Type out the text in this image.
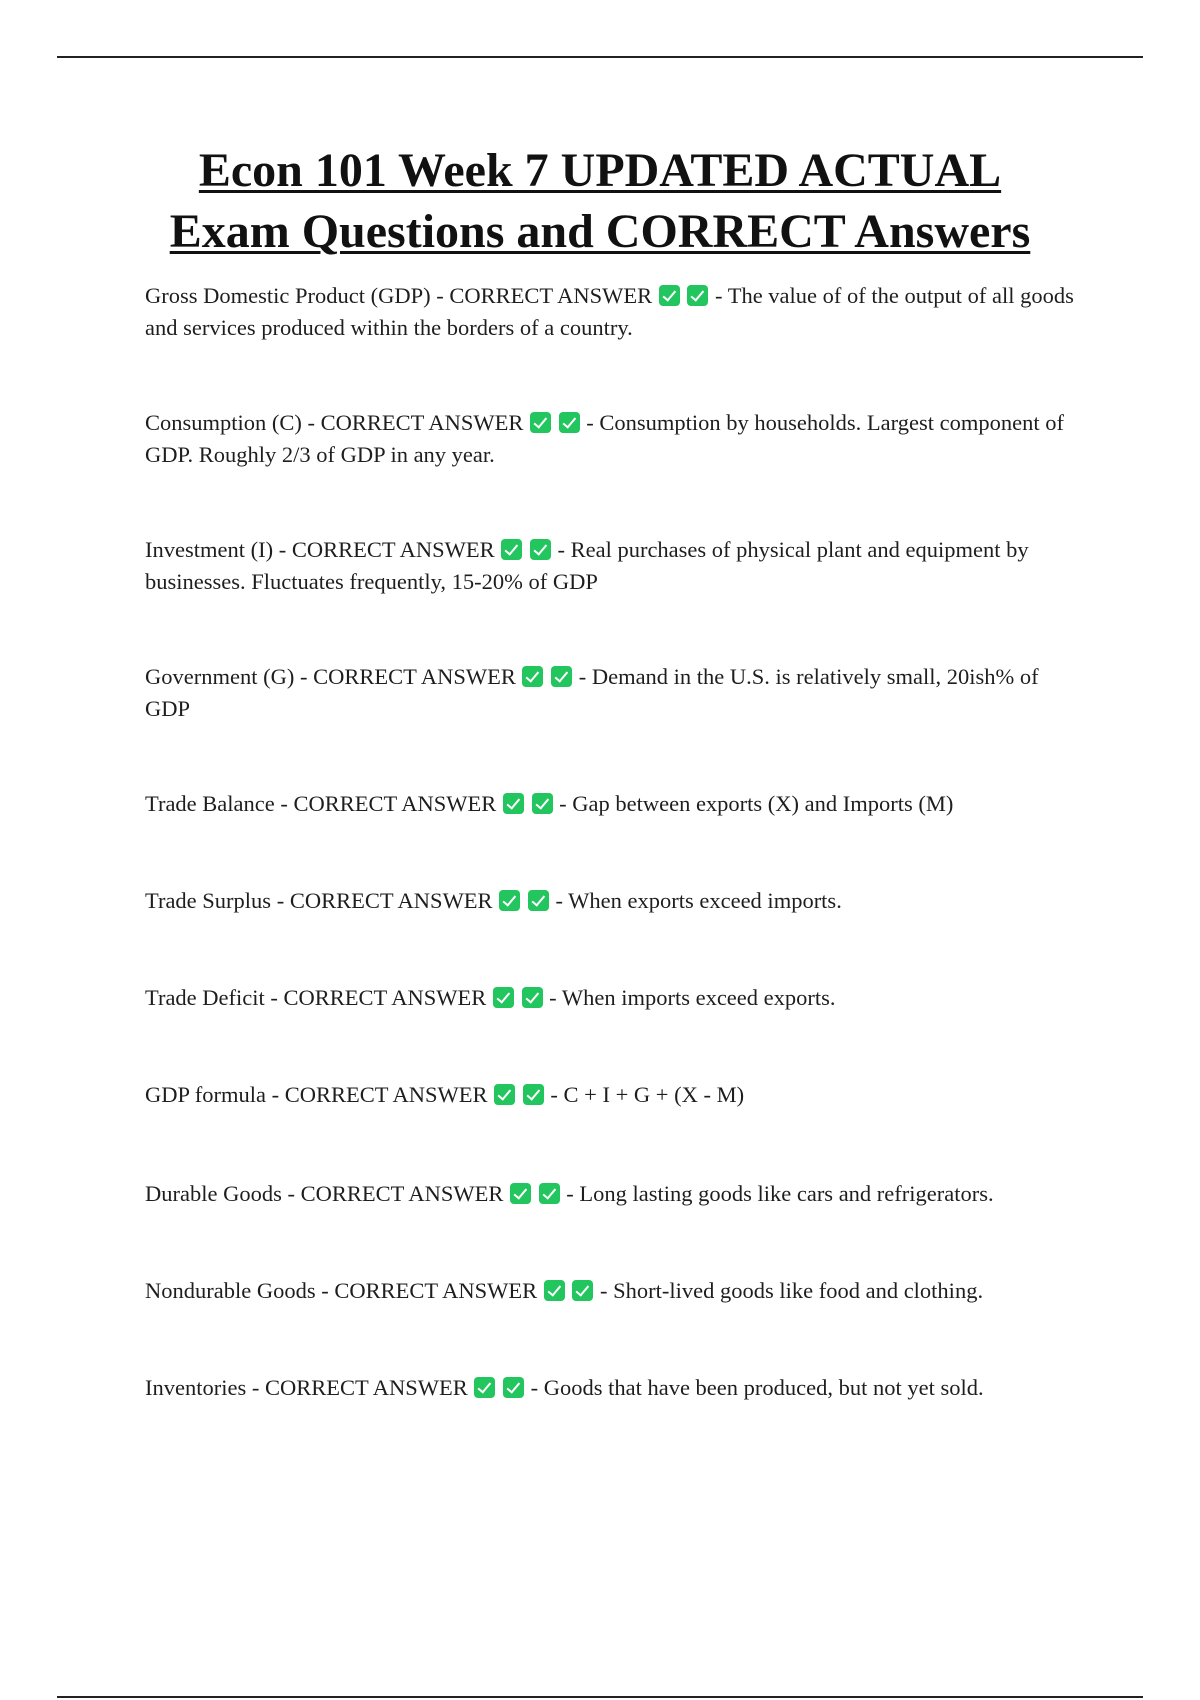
Econ 101 Week 7 UPDATED ACTUAL
Exam Questions and CORRECT Answers

Gross Domestic Product (GDP) - CORRECT ANSWER	- The value of of the output of all goods and services produced within the borders of a country.

Consumption (C) - CORRECT ANSWER	- Consumption by households. Largest component of GDP. Roughly 2/3 of GDP in any year.

Investment (I) - CORRECT ANSWER	- Real purchases of physical plant and equipment by businesses. Fluctuates frequently, 15-20% of GDP

Government (G) - CORRECT ANSWER	- Demand in the U.S. is relatively small, 20ish% of GDP

Trade Balance - CORRECT ANSWER	- Gap between exports (X) and Imports (M)

Trade Surplus - CORRECT ANSWER	- When exports exceed imports.

Trade Deficit - CORRECT ANSWER	- When imports exceed exports.

GDP formula - CORRECT ANSWER	- C + I + G + (X - M)

Durable Goods - CORRECT ANSWER	- Long lasting goods like cars and refrigerators.

Nondurable Goods - CORRECT ANSWER	- Short-lived goods like food and clothing.

Inventories - CORRECT ANSWER	- Goods that have been produced, but not yet sold.
